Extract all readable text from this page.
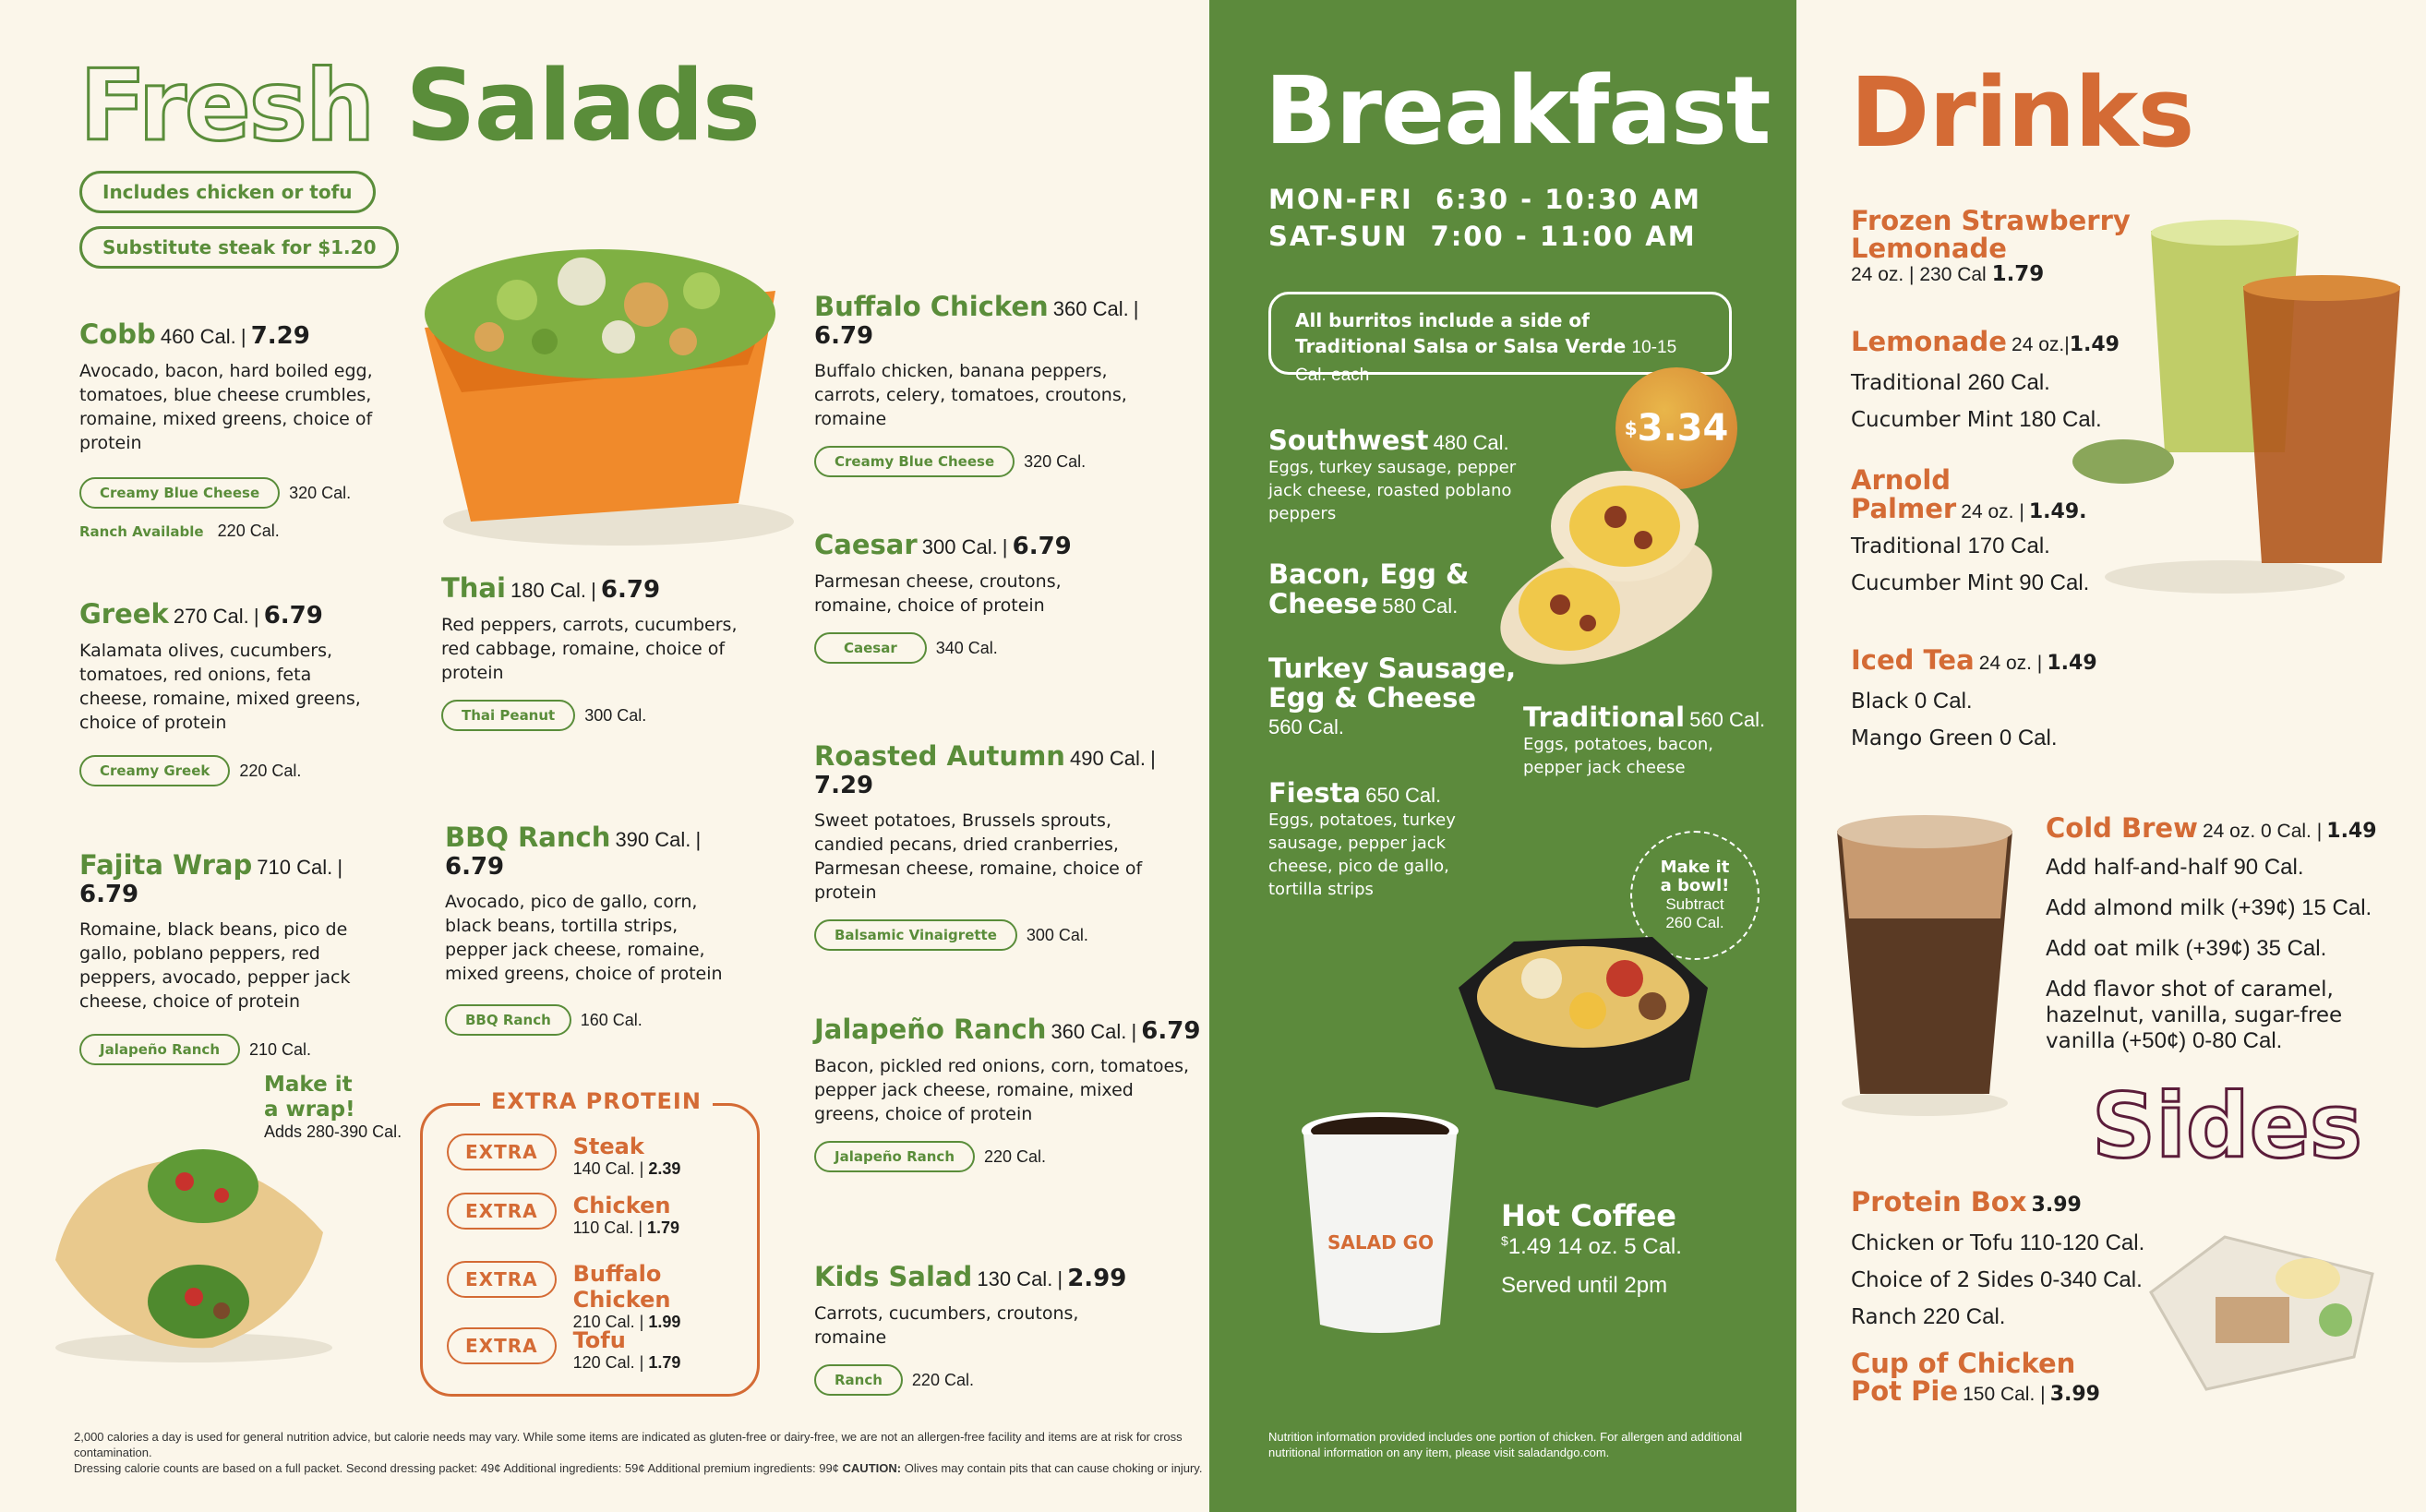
Fresh Salads
Includes chicken or tofu
Substitute steak for $1.20
Cobb 460 Cal. | 7.29
Avocado, bacon, hard boiled egg, tomatoes, blue cheese crumbles, romaine, mixed greens, choice of protein
Creamy Blue Cheese	320 Cal.
Ranch Available 220 Cal.
Greek 270 Cal. | 6.79
Kalamata olives, cucumbers, tomatoes, red onions, feta cheese, romaine, mixed greens, choice of protein
Creamy Greek	220 Cal.
Fajita Wrap 710 Cal. | 6.79
Romaine, black beans, pico de gallo, poblano peppers, red peppers, avocado, pepper jack cheese, choice of protein
Jalapeño Ranch	210 Cal.
Thai 180 Cal. | 6.79
Red peppers, carrots, cucumbers, red cabbage, romaine, choice of protein
Thai Peanut	300 Cal.
BBQ Ranch 390 Cal. | 6.79
Avocado, pico de gallo, corn, black beans, tortilla strips, pepper jack cheese, romaine, mixed greens, choice of protein
BBQ Ranch	160 Cal.
Buffalo Chicken 360 Cal. | 6.79
Buffalo chicken, banana peppers, carrots, celery, tomatoes, croutons, romaine
Creamy Blue Cheese	320 Cal.
Caesar 300 Cal. | 6.79
Parmesan cheese, croutons, romaine, choice of protein
Caesar	340 Cal.
Roasted Autumn 490 Cal. | 7.29
Sweet potatoes, Brussels sprouts, candied pecans, dried cranberries, Parmesan cheese, romaine, choice of protein
Balsamic Vinaigrette	300 Cal.
Jalapeño Ranch 360 Cal. | 6.79
Bacon, pickled red onions, corn, tomatoes, pepper jack cheese, romaine, mixed greens, choice of protein
Jalapeño Ranch	220 Cal.
Kids Salad 130 Cal. | 2.99
Carrots, cucumbers, croutons, romaine
Ranch	220 Cal.
Make it
a wrap!
Adds 280-390 Cal.
EXTRA PROTEIN
EXTRA	Steak
140 Cal. | 2.39
EXTRA	Chicken
110 Cal. | 1.79
EXTRA	Buffalo Chicken
210 Cal. | 1.99
EXTRA	Tofu
120 Cal. | 1.79
2,000 calories a day is used for general nutrition advice, but calorie needs may vary. While some items are indicated as gluten-free or dairy-free, we are not an allergen-free facility and items are at risk for cross contamination.
Dressing calorie counts are based on a full packet. Second dressing packet: 49¢ Additional ingredients: 59¢ Additional premium ingredients: 99¢ CAUTION: Olives may contain pits that can cause choking or injury.
Breakfast
MON-FRI  6:30 - 10:30 AM
SAT-SUN  7:00 - 11:00 AM
All burritos include a side of Traditional Salsa or Salsa Verde 10-15 Cal. each
$ 3.34
Southwest 480 Cal.
Eggs, turkey sausage, pepper jack cheese, roasted poblano peppers
Bacon, Egg &
Cheese 580 Cal.
Turkey Sausage,
Egg & Cheese
560 Cal.	Traditional 560 Cal.
Eggs, potatoes, bacon, pepper jack cheese
Fiesta 650 Cal.
Eggs, potatoes, turkey sausage, pepper jack cheese, pico de gallo, tortilla strips
Make it
a bowl!
Subtract
260 Cal.
SALAD GO
Hot Coffee
$1.49 14 oz. 5 Cal.
Served until 2pm
Nutrition information provided includes one portion of chicken. For allergen and additional nutritional information on any item, please visit saladandgo.com.
Drinks
Frozen Strawberry
Lemonade
24 oz. | 230 Cal 1.79
Lemonade 24 oz.|1.49
Traditional 260 Cal.
Cucumber Mint 180 Cal.
Arnold
Palmer 24 oz. | 1.49.
Traditional 170 Cal.
Cucumber Mint 90 Cal.
Iced Tea 24 oz. | 1.49
Black 0 Cal.
Mango Green 0 Cal.
Cold Brew 24 oz. 0 Cal. | 1.49
Add half-and-half 90 Cal.
Add almond milk (+39¢) 15 Cal.
Add oat milk (+39¢) 35 Cal.
Add flavor shot of caramel, hazelnut, vanilla, sugar-free vanilla (+50¢) 0-80 Cal.
Sides
Protein Box 3.99
Chicken or Tofu 110-120 Cal.
Choice of 2 Sides 0-340 Cal.
Ranch 220 Cal.
Cup of Chicken
Pot Pie 150 Cal. | 3.99
